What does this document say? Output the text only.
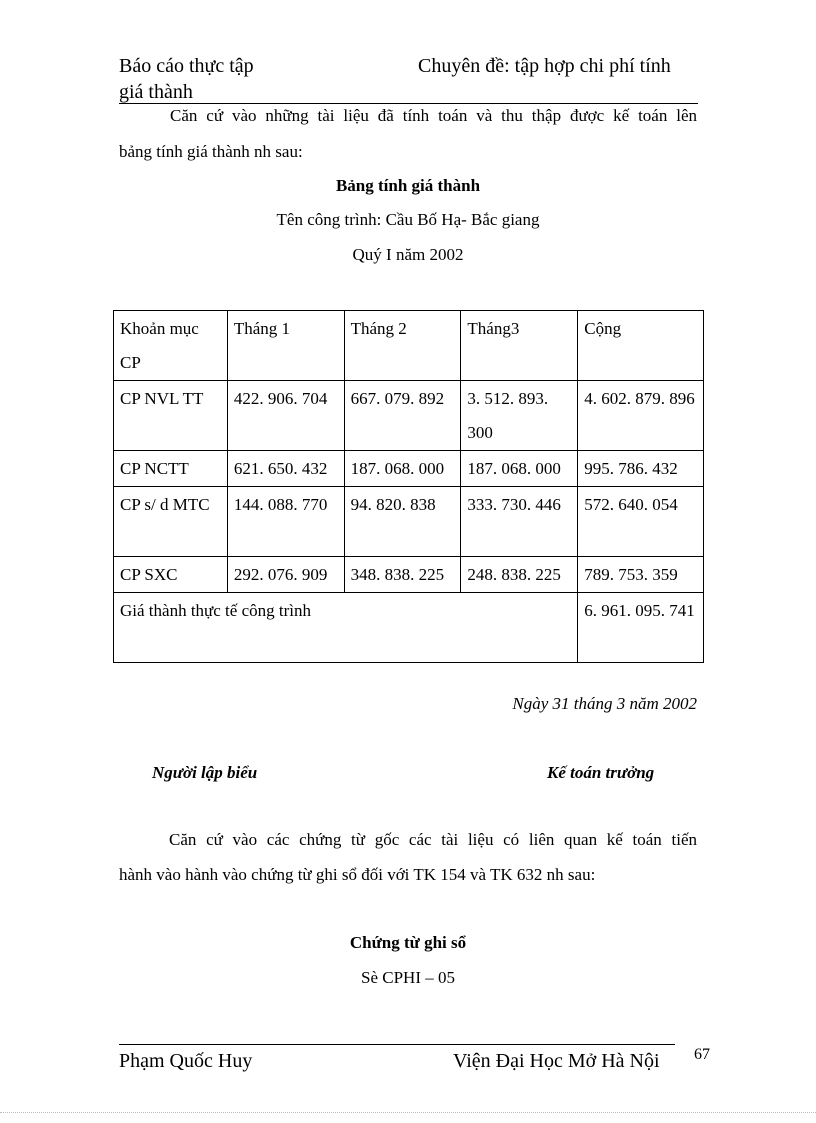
Báo cáo thực tập
giá thành
Chuyên đề: tập hợp chi phí tính
Căn cứ vào những tài liệu đã tính toán và thu thập được kế toán lên
bảng tính giá thành nh sau:
Bảng tính giá thành
Tên công trình: Cầu Bố Hạ- Bắc giang
Quý I năm 2002
Khoản mục CP	Tháng 1	Tháng 2	Tháng3	Cộng
CP NVL TT	422. 906. 704	667. 079. 892	3. 512. 893. 300	4. 602. 879. 896
CP NCTT	621. 650. 432	187. 068. 000	187. 068. 000	995. 786. 432
CP s/ d MTC	144. 088. 770	94. 820. 838	333. 730. 446	572. 640. 054
CP SXC	292. 076. 909	348. 838. 225	248. 838. 225	789. 753. 359
Giá thành thực tế công trình				6. 961. 095. 741
Ngày 31 tháng 3 năm 2002
Người lập biểu	Kế toán trưởng
Căn cứ vào các chứng từ gốc các tài liệu có liên quan kế toán tiến
hành vào hành vào chứng từ ghi sổ đối với TK 154 và TK 632 nh sau:
Chứng từ ghi sổ
Sè CPHI – 05
Phạm Quốc Huy	Viện Đại Học Mở Hà Nội 67
